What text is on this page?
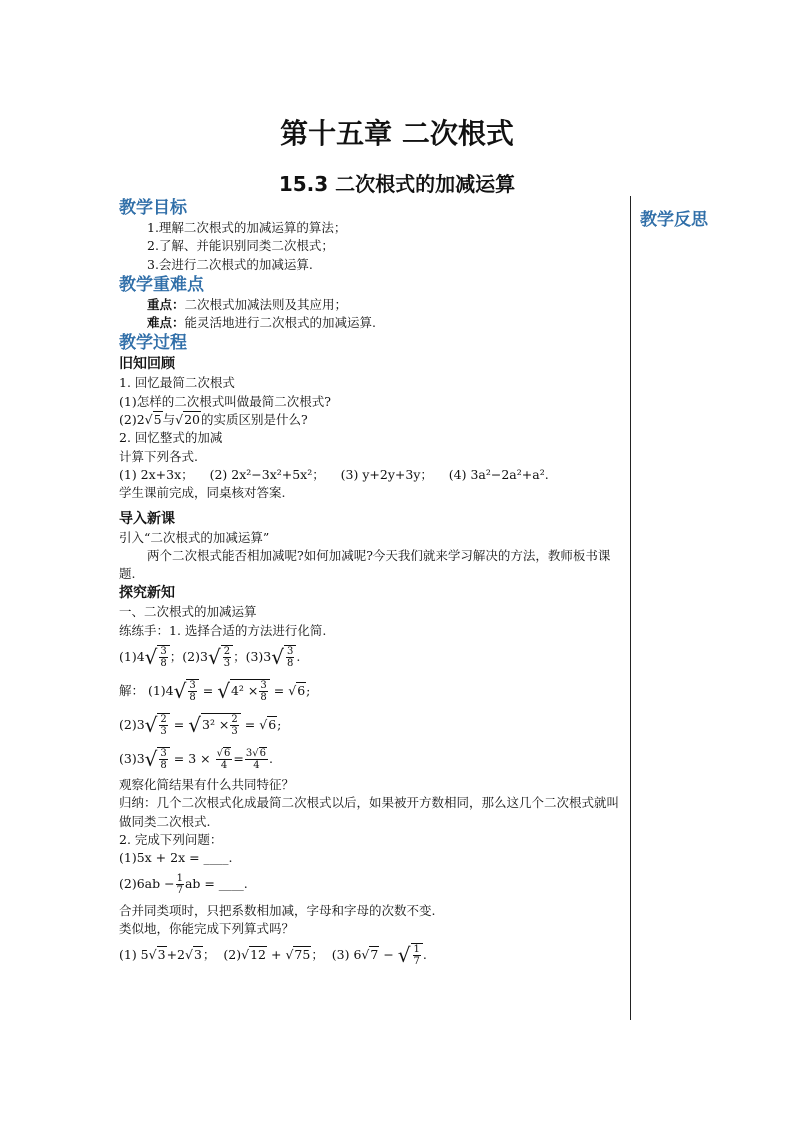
第十五章 二次根式
15.3 二次根式的加减运算
教学反思
教学目标
1.理解二次根式的加减运算的算法；
2.了解、并能识别同类二次根式；
3.会进行二次根式的加减运算.
教学重难点
重点：二次根式加减法则及其应用；
难点：能灵活地进行二次根式的加减运算.
教学过程
旧知回顾
1. 回忆最简二次根式
(1)怎样的二次根式叫做最简二次根式?
(2)2√5与√20的实质区别是什么?
2. 回忆整式的加减
计算下列各式.
(1) 2x+3x； (2) 2x²−3x²+5x²； (3) y+2y+3y； (4) 3a²−2a²+a².
学生课前完成，同桌核对答案.
导入新课
引入“二次根式的加减运算”
两个二次根式能否相加减呢?如何加减呢?今天我们就来学习解决的方法，教师板书课题.
探究新知
一、二次根式的加减运算
练练手：1. 选择合适的方法进行化简.
(1)4 √ $\frac{3}{8}$ ；(2)3 √ $\frac{2}{3}$ ；(3)3 √ $\frac{3}{8}$ .
解： (1)4 √ $\frac{3}{8}$
=
$√4^2 \times \frac{3}{8}$
=
√6 ;
(2)3 √ $\frac{2}{3}$
=
$√3^2 \times \frac{2}{3}$
=
√6 ;
(3)3 √ $\frac{3}{8}$
= 3 ×
$\frac{√6}{4} = \frac{3√6}{4}$ .
观察化简结果有什么共同特征？
归纳：几个二次根式化成最简二次根式以后，如果被开方数相同，那么这几个二次根式就叫做同类二次根式.
2. 完成下列问题：
(1)5x + 2x = ____.
$(2)6ab - \frac{1}{7}$ ab = ____.
合并同类项时，只把系数相加减，字母和字母的次数不变.
类似地，你能完成下列算式吗？
(1) 5 √3 +2 √3 ；
(2) √12
+
√75 ；
(3) 6 √7
−
√ $\frac{1}{7}$ .
